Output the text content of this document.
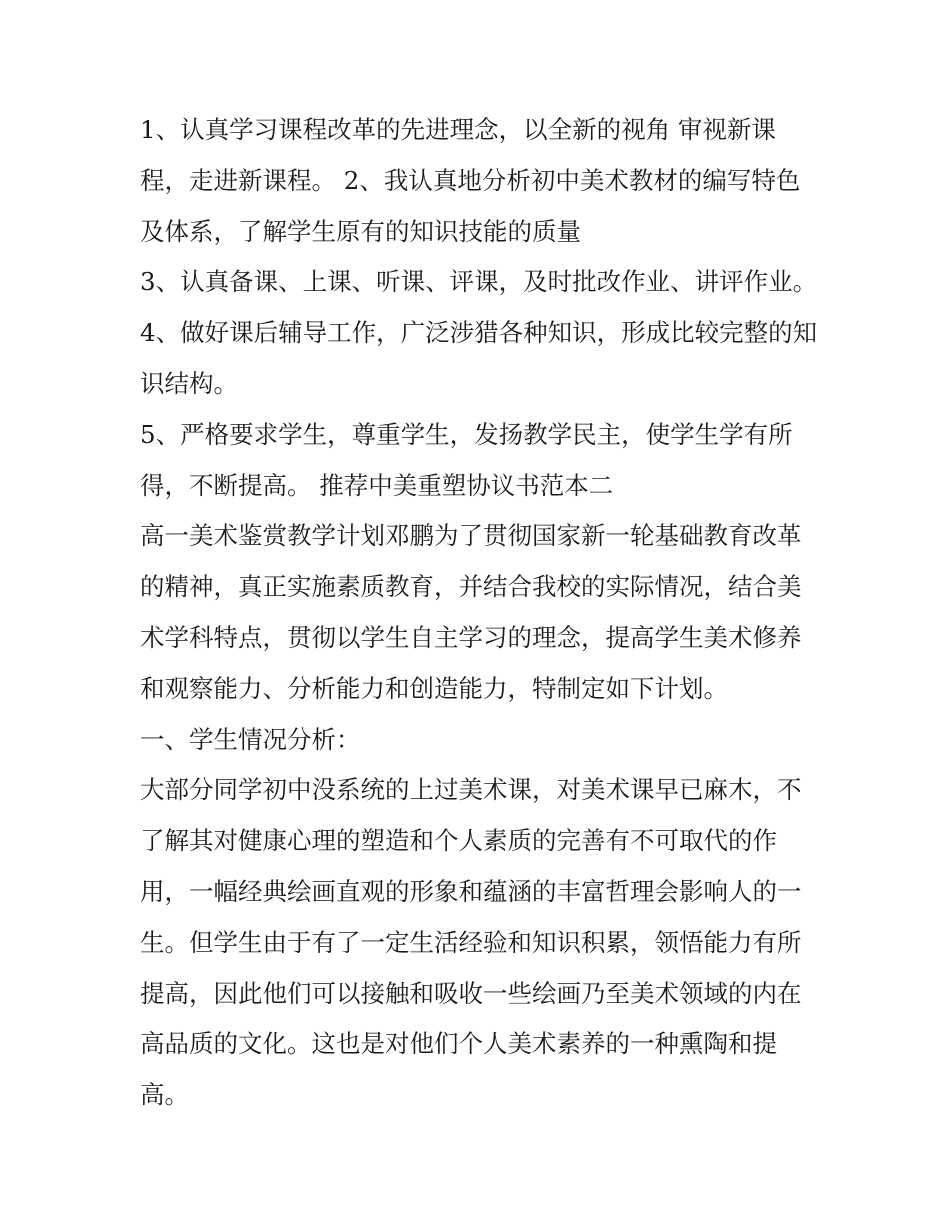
1、认真学习课程改革的先进理念，以全新的视角 审视新课程，走进新课程。 2、我认真地分析初中美术教材的编写特色及体系，了解学生原有的知识技能的质量

3、认真备课、上课、听课、评课，及时批改作业、讲评作业。 4、做好课后辅导工作，广泛涉猎各种知识，形成比较完整的知识结构。

5、严格要求学生，尊重学生，发扬教学民主，使学生学有所得，不断提高。 推荐中美重塑协议书范本二

高一美术鉴赏教学计划邓鹏为了贯彻国家新一轮基础教育改革的精神，真正实施素质教育，并结合我校的实际情况，结合美术学科特点，贯彻以学生自主学习的理念，提高学生美术修养和观察能力、分析能力和创造能力，特制定如下计划。

一、学生情况分析：

大部分同学初中没系统的上过美术课，对美术课早已麻木，不了解其对健康心理的塑造和个人素质的完善有不可取代的作用，一幅经典绘画直观的形象和蕴涵的丰富哲理会影响人的一生。但学生由于有了一定生活经验和知识积累，领悟能力有所提高，因此他们可以接触和吸收一些绘画乃至美术领域的内在高品质的文化。这也是对他们个人美术素养的一种熏陶和提高。
